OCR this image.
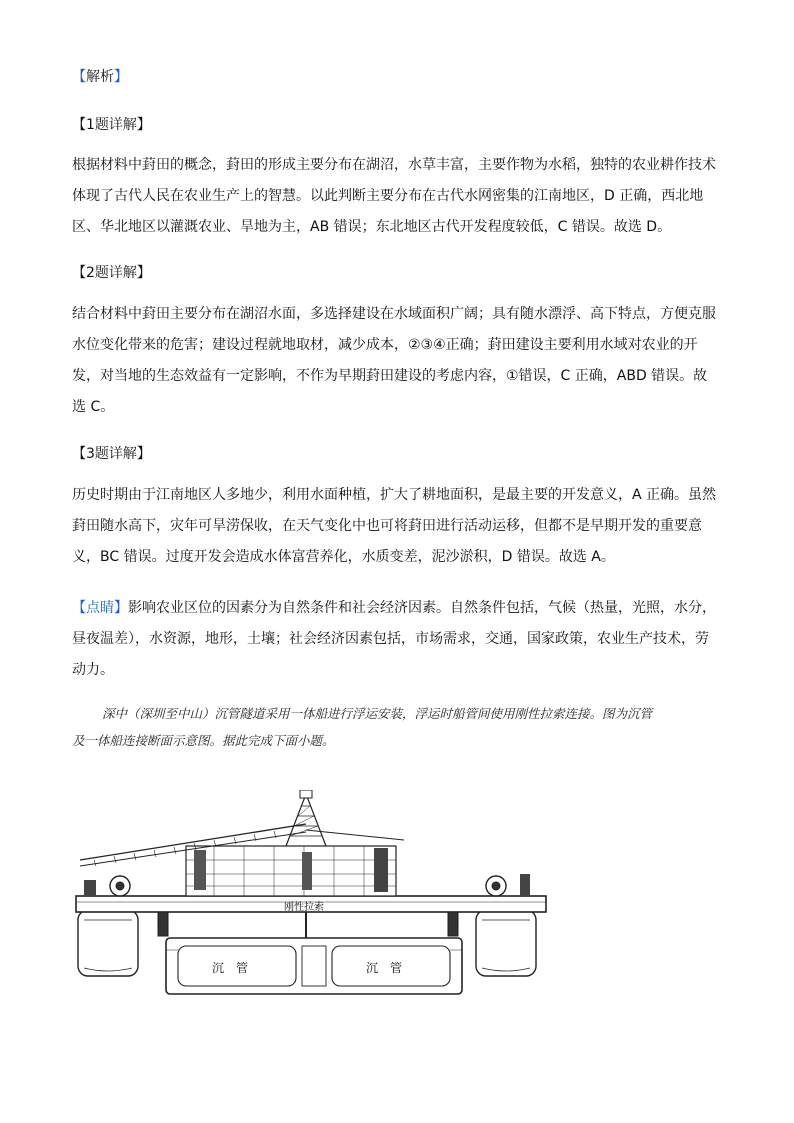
【解析】
【1题详解】
根据材料中葑田的概念，葑田的形成主要分布在湖沼，水草丰富，主要作物为水稻，独特的农业耕作技术
体现了古代人民在农业生产上的智慧。以此判断主要分布在古代水网密集的江南地区，D 正确，西北地
区、华北地区以灌溉农业、旱地为主，AB 错误；东北地区古代开发程度较低，C 错误。故选 D。
【2题详解】
结合材料中葑田主要分布在湖沼水面，多选择建设在水域面积广阔；具有随水漂浮、高下特点，方便克服
水位变化带来的危害；建设过程就地取材，减少成本，②③④正确；葑田建设主要利用水域对农业的开
发，对当地的生态效益有一定影响，不作为早期葑田建设的考虑内容，①错误，C 正确，ABD 错误。故
选 C。
【3题详解】
历史时期由于江南地区人多地少，利用水面种植，扩大了耕地面积，是最主要的开发意义，A 正确。虽然
葑田随水高下，灾年可旱涝保收，在天气变化中也可将葑田进行活动运移，但都不是早期开发的重要意
义，BC 错误。过度开发会造成水体富营养化，水质变差，泥沙淤积，D 错误。故选 A。
【点睛】影响农业区位的因素分为自然条件和社会经济因素。自然条件包括，气候（热量，光照，水分，
昼夜温差），水资源，地形，土壤；社会经济因素包括，市场需求，交通，国家政策，农业生产技术，劳
动力。
深中（深圳至中山）沉管隧道采用一体船进行浮运安装，浮运时船管间使用刚性拉索连接。图为沉管
及一体船连接断面示意图。据此完成下面小题。
刚性拉索
沉　管	沉　管
